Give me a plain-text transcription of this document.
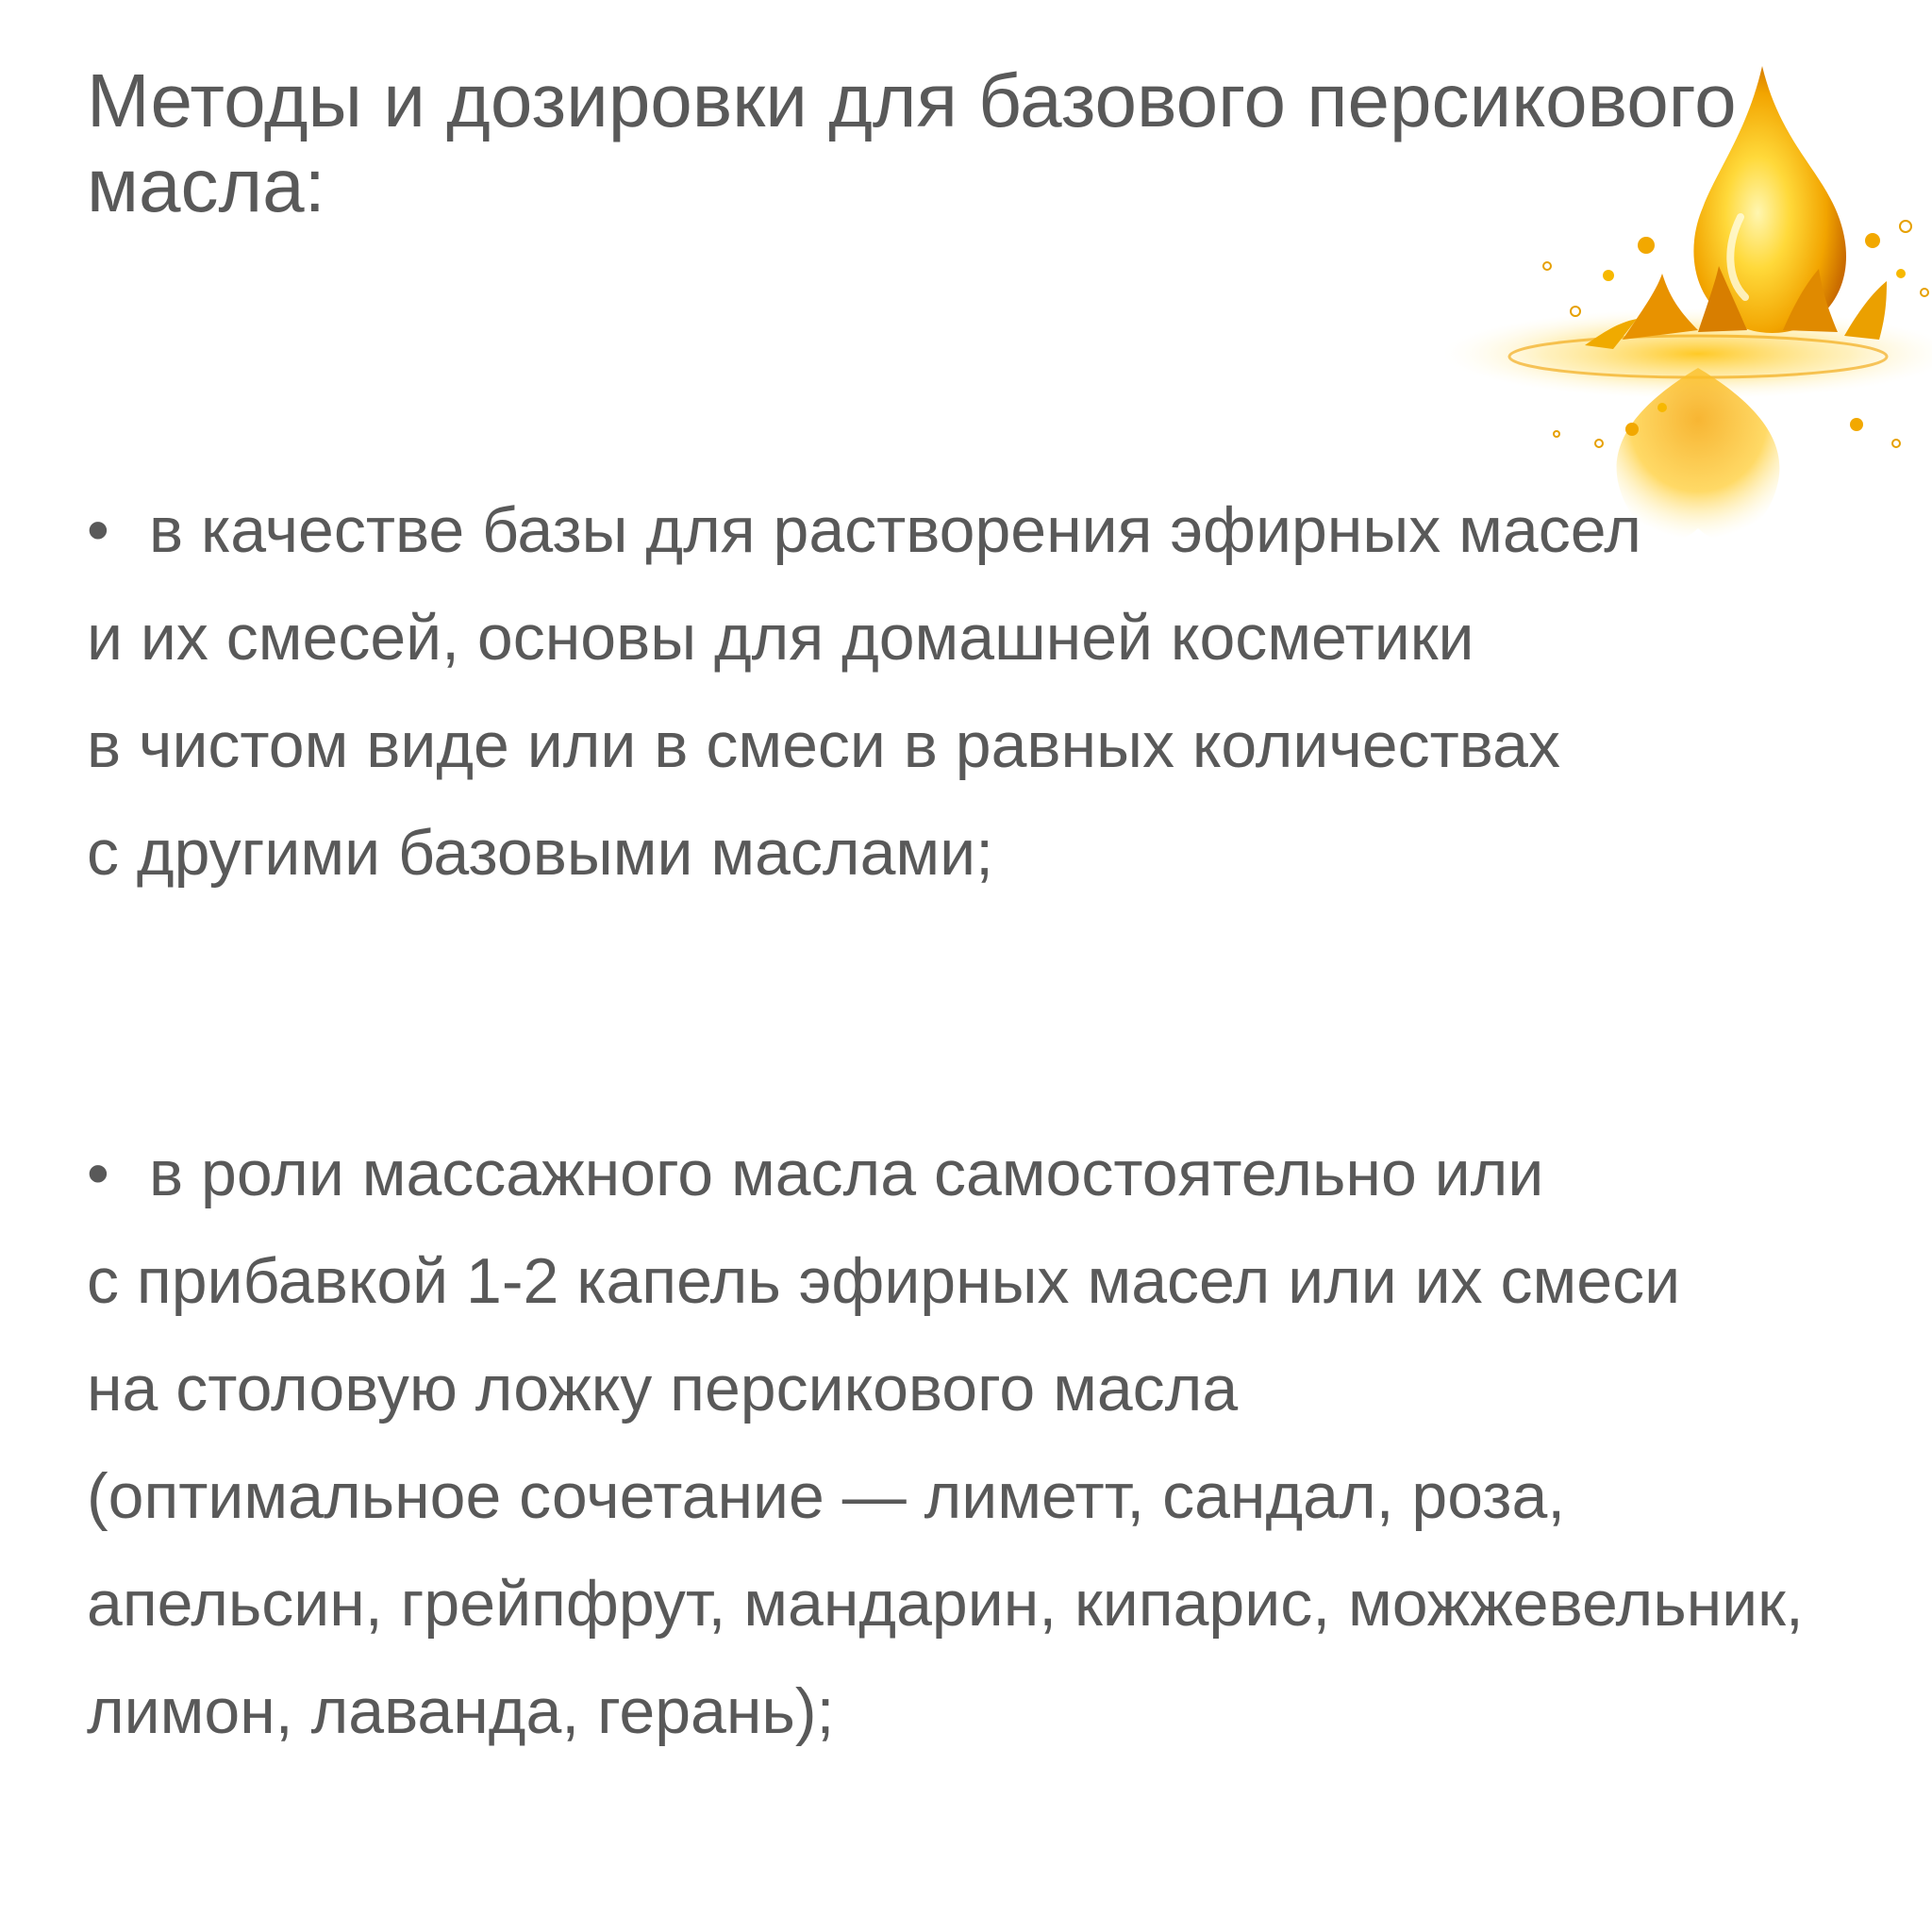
Методы и дозировки для базового персикового масла:
• в качестве базы для растворения эфирных масел
и их смесей, основы для домашней косметики
в чистом виде или в смеси в равных количествах
с другими базовыми маслами;
• в роли массажного масла самостоятельно или
с прибавкой 1-2 капель эфирных масел или их смеси
на столовую ложку персикового масла
(оптимальное сочетание — лиметт, сандал, роза,
апельсин, грейпфрут, мандарин, кипарис, можжевельник,
лимон, лаванда, герань);
